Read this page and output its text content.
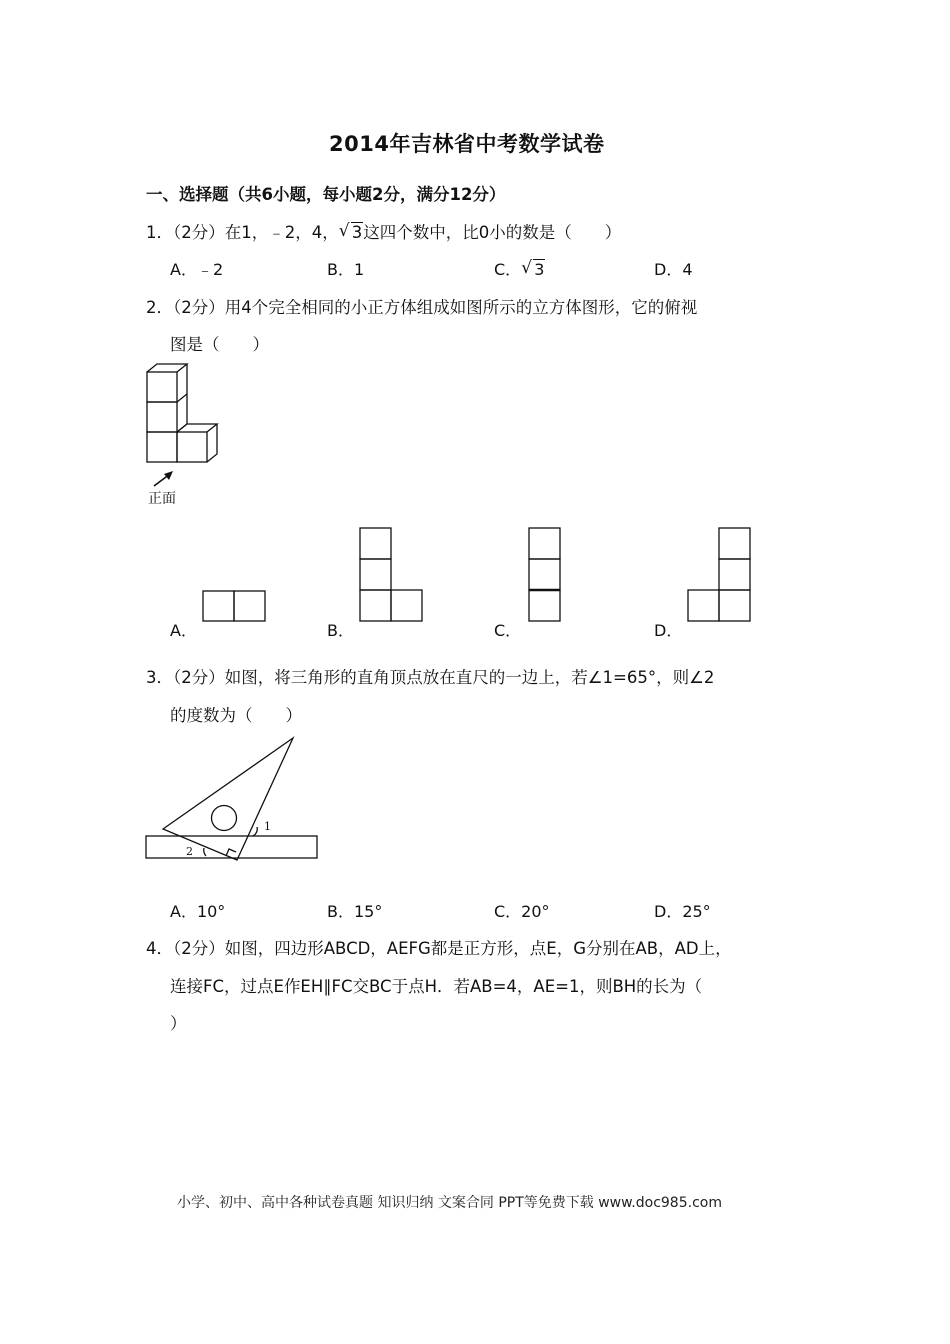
2014年吉林省中考数学试卷
一、选择题（共6小题，每小题2分，满分12分）
1．（2分）在1，﹣2，4， √ 3这四个数中，比0小的数是（　　）
A．﹣2	B．1	C． √ 3	D．4
2．（2分）用4个完全相同的小正方体组成如图所示的立方体图形，它的俯视
图是（　　）
正面
A．	B．	C．	D．
3．（2分）如图，将三角形的直角顶点放在直尺的一边上，若∠1=65°，则∠2
的度数为（　　）
1
2
A．10°	B．15°	C．20°	D．25°
4．（2分）如图，四边形ABCD，AEFG都是正方形，点E，G分别在AB，AD上，
连接FC，过点E作EH∥FC交BC于点H．若AB=4，AE=1，则BH的长为（
）
小学、初中、高中各种试卷真题 知识归纳 文案合同 PPT等免费下载 www.doc985.com
